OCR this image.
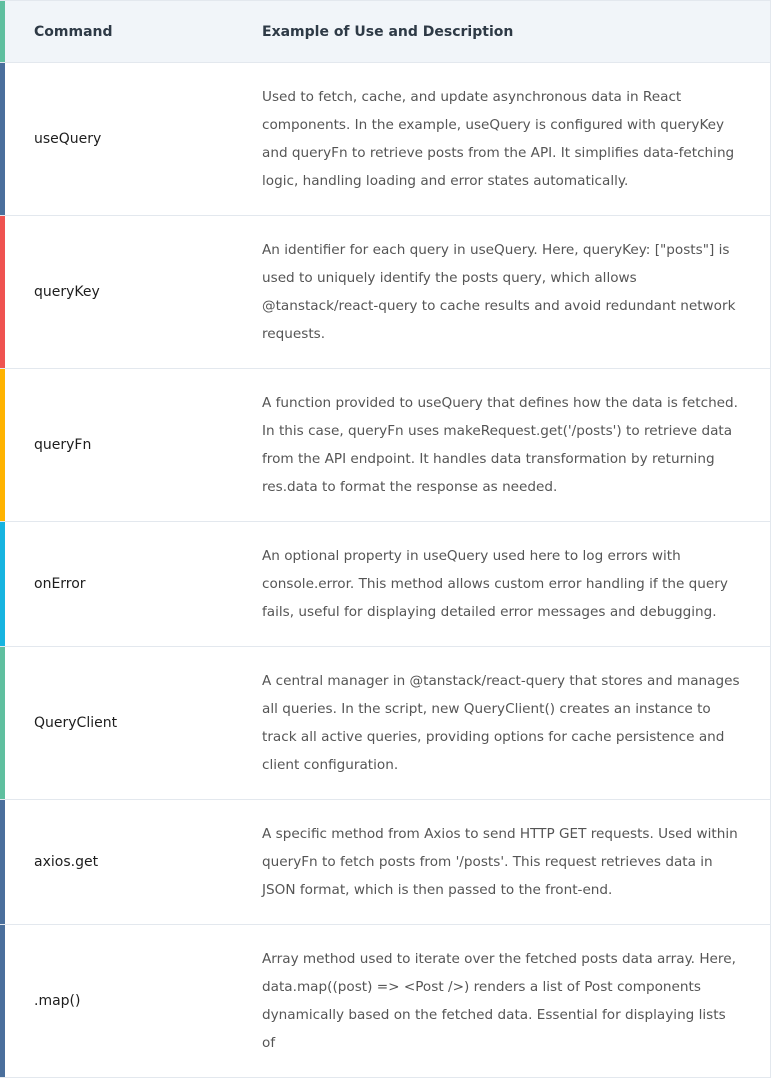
Command	Example of Use and Description
useQuery
Used to fetch, cache, and update asynchronous data in React components. In the example, useQuery is configured with queryKey and queryFn to retrieve posts from the API. It simplifies data-fetching logic, handling loading and error states automatically.
queryKey
An identifier for each query in useQuery. Here, queryKey: ["posts"] is used to uniquely identify the posts query, which allows @tanstack/react-query to cache results and avoid redundant network requests.
queryFn
A function provided to useQuery that defines how the data is fetched. In this case, queryFn uses makeRequest.get('/posts') to retrieve data from the API endpoint. It handles data transformation by returning res.data to format the response as needed.
onError
An optional property in useQuery used here to log errors with console.error. This method allows custom error handling if the query fails, useful for displaying detailed error messages and debugging.
QueryClient
A central manager in @tanstack/react-query that stores and manages all queries. In the script, new QueryClient() creates an instance to track all active queries, providing options for cache persistence and client configuration.
axios.get
A specific method from Axios to send HTTP GET requests. Used within queryFn to fetch posts from '/posts'. This request retrieves data in JSON format, which is then passed to the front-end.
.map()
Array method used to iterate over the fetched posts data array. Here, data.map((post) => <Post />) renders a list of Post components dynamically based on the fetched data. Essential for displaying lists of
